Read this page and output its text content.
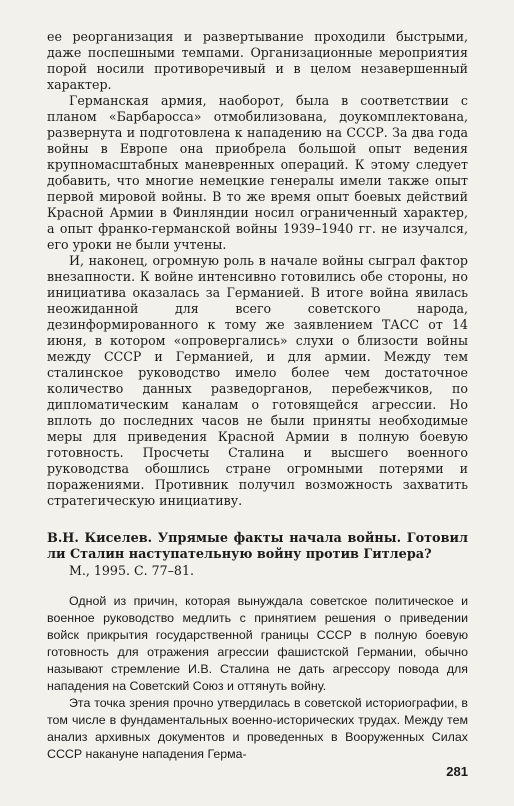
ее реорганизация и развертывание проходили быстрыми, даже поспешными темпами. Организационные мероприятия порой носили противоречивый и в целом незавершенный характер.

Германская армия, наоборот, была в соответствии с планом «Барбаросса» отмобилизована, доукомплектована, развернута и подготовлена к нападению на СССР. За два года войны в Европе она приобрела большой опыт ведения крупномасштабных маневренных операций. К этому следует добавить, что многие немецкие генералы имели также опыт первой мировой войны. В то же время опыт боевых действий Красной Армии в Финляндии носил ограниченный характер, а опыт франко-германской войны 1939–1940 гг. не изучался, его уроки не были учтены.

И, наконец, огромную роль в начале войны сыграл фактор внезапности. К войне интенсивно готовились обе стороны, но инициатива оказалась за Германией. В итоге война явилась неожиданной для всего советского народа, дезинформированного к тому же заявлением ТАСС от 14 июня, в котором «опровергались» слухи о близости войны между СССР и Германией, и для армии. Между тем сталинское руководство имело более чем достаточное количество данных разведорганов, перебежчиков, по дипломатическим каналам о готовящейся агрессии. Но вплоть до последних часов не были приняты необходимые меры для приведения Красной Армии в полную боевую готовность. Просчеты Сталина и высшего военного руководства обошлись стране огромными потерями и поражениями. Противник получил возможность захватить стратегическую инициативу.

В.Н. Киселев. Упрямые факты начала войны. Готовил ли Сталин наступательную войну против Гитлера?

М., 1995. С. 77–81.

Одной из причин, которая вынуждала советское политическое и военное руководство медлить с принятием решения о приведении войск прикрытия государственной границы СССР в полную боевую готовность для отражения агрессии фашистской Германии, обычно называют стремление И.В. Сталина не дать агрессору повода для нападения на Советский Союз и оттянуть войну.

Эта точка зрения прочно утвердилась в советской историографии, в том числе в фундаментальных военно-исторических трудах. Между тем анализ архивных документов и проведенных в Вооруженных Силах СССР накануне нападения Герма-

281
